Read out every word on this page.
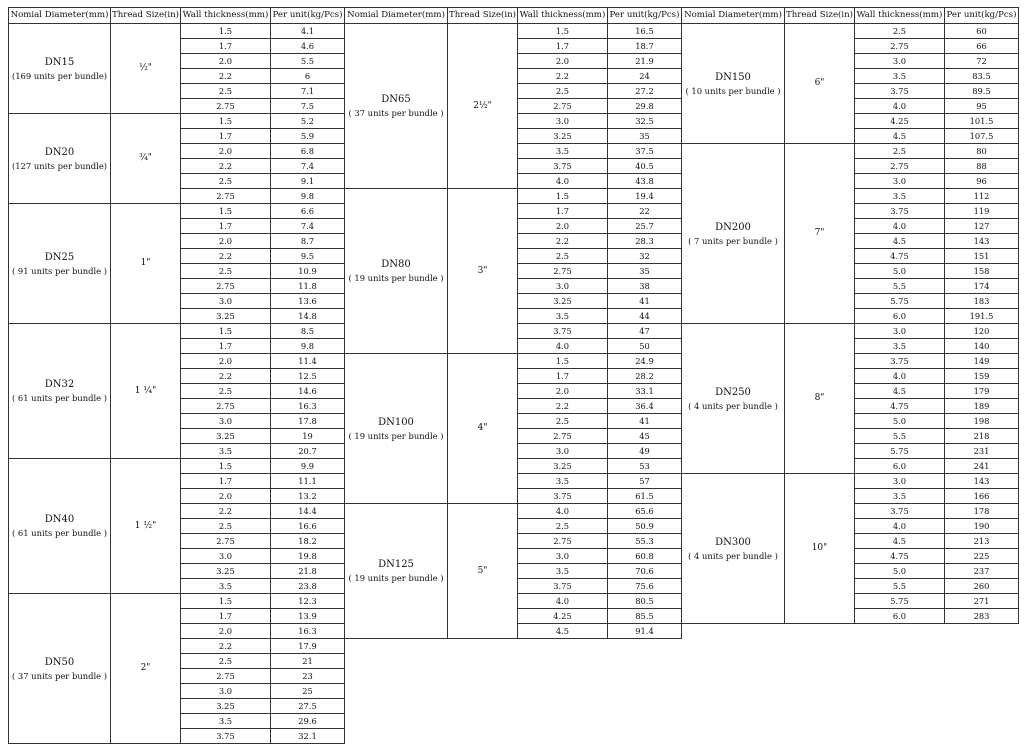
Nomial Diameter(mm)	Thread Size(in)	Wall thickness(mm)	Per unit(kg/Pcs)

DN15
(169 units per bundle)	½"	1.5	4.1
		1.7	4.6
		2.0	5.5
		2.2	6
		2.5	7.1
		2.75	7.5

DN20
(127 units per bundle)	¾"	1.5	5.2
		1.7	5.9
		2.0	6.8
		2.2	7.4
		2.5	9.1
		2.75	9.8

DN25
( 91 units per bundle )	1"	1.5	6.6
		1.7	7.4
		2.0	8.7
		2.2	9.5
		2.5	10.9
		2.75	11.8
		3.0	13.6
		3.25	14.8

DN32
( 61 units per bundle )	1 ¼"	1.5	8.5
		1.7	9.8
		2.0	11.4
		2.2	12.5
		2.5	14.6
		2.75	16.3
		3.0	17.8
		3.25	19
		3.5	20.7

DN40
( 61 units per bundle )	1 ½"	1.5	9.9
		1.7	11.1
		2.0	13.2
		2.2	14.4
		2.5	16.6
		2.75	18.2
		3.0	19.8
		3.25	21.8
		3.5	23.8

DN50
( 37 units per bundle )	2"	1.5	12.3
		1.7	13.9
		2.0	16.3
		2.2	17.9
		2.5	21
		2.75	23
		3.0	25
		3.25	27.5
		3.5	29.6
		3.75	32.1
Nomial Diameter(mm)	Thread Size(in)	Wall thickness(mm)	Per unit(kg/Pcs)

DN65
( 37 units per bundle )	2½"	1.5	16.5
		1.7	18.7
		2.0	21.9
		2.2	24
		2.5	27.2
		2.75	29.8
		3.0	32.5
		3.25	35
		3.5	37.5
		3.75	40.5
		4.0	43.8

DN80
( 19 units per bundle )	3"	1.5	19.4
		1.7	22
		2.0	25.7
		2.2	28.3
		2.5	32
		2.75	35
		3.0	38
		3.25	41
		3.5	44
		3.75	47
		4.0	50

DN100
( 19 units per bundle )	4"	1.5	24.9
		1.7	28.2
		2.0	33.1
		2.2	36.4
		2.5	41
		2.75	45
		3.0	49
		3.25	53
		3.5	57
		3.75	61.5

DN125
( 19 units per bundle )	5"	4.0	65.6
		2.5	50.9
		2.75	55.3
		3.0	60.8
		3.5	70.6
		3.75	75.6
		4.0	80.5
		4.25	85.5
		4.5	91.4
Nomial Diameter(mm)	Thread Size(in)	Wall thickness(mm)	Per unit(kg/Pcs)

DN150
( 10 units per bundle )	6"	2.5	60
		2.75	66
		3.0	72
		3.5	83.5
		3.75	89.5
		4.0	95
		4.25	101.5
		4.5	107.5

DN200
( 7 units per bundle )	7"	2.5	80
		2.75	88
		3.0	96
		3.5	112
		3.75	119
		4.0	127
		4.5	143
		4.75	151
		5.0	158
		5.5	174
		5.75	183
		6.0	191.5

DN250
( 4 units per bundle )	8"	3.0	120
		3.5	140
		3.75	149
		4.0	159
		4.5	179
		4.75	189
		5.0	198
		5.5	218
		5.75	231
		6.0	241

DN300
( 4 units per bundle )	10"	3.0	143
		3.5	166
		3.75	178
		4.0	190
		4.5	213
		4.75	225
		5.0	237
		5.5	260
		5.75	271
		6.0	283
